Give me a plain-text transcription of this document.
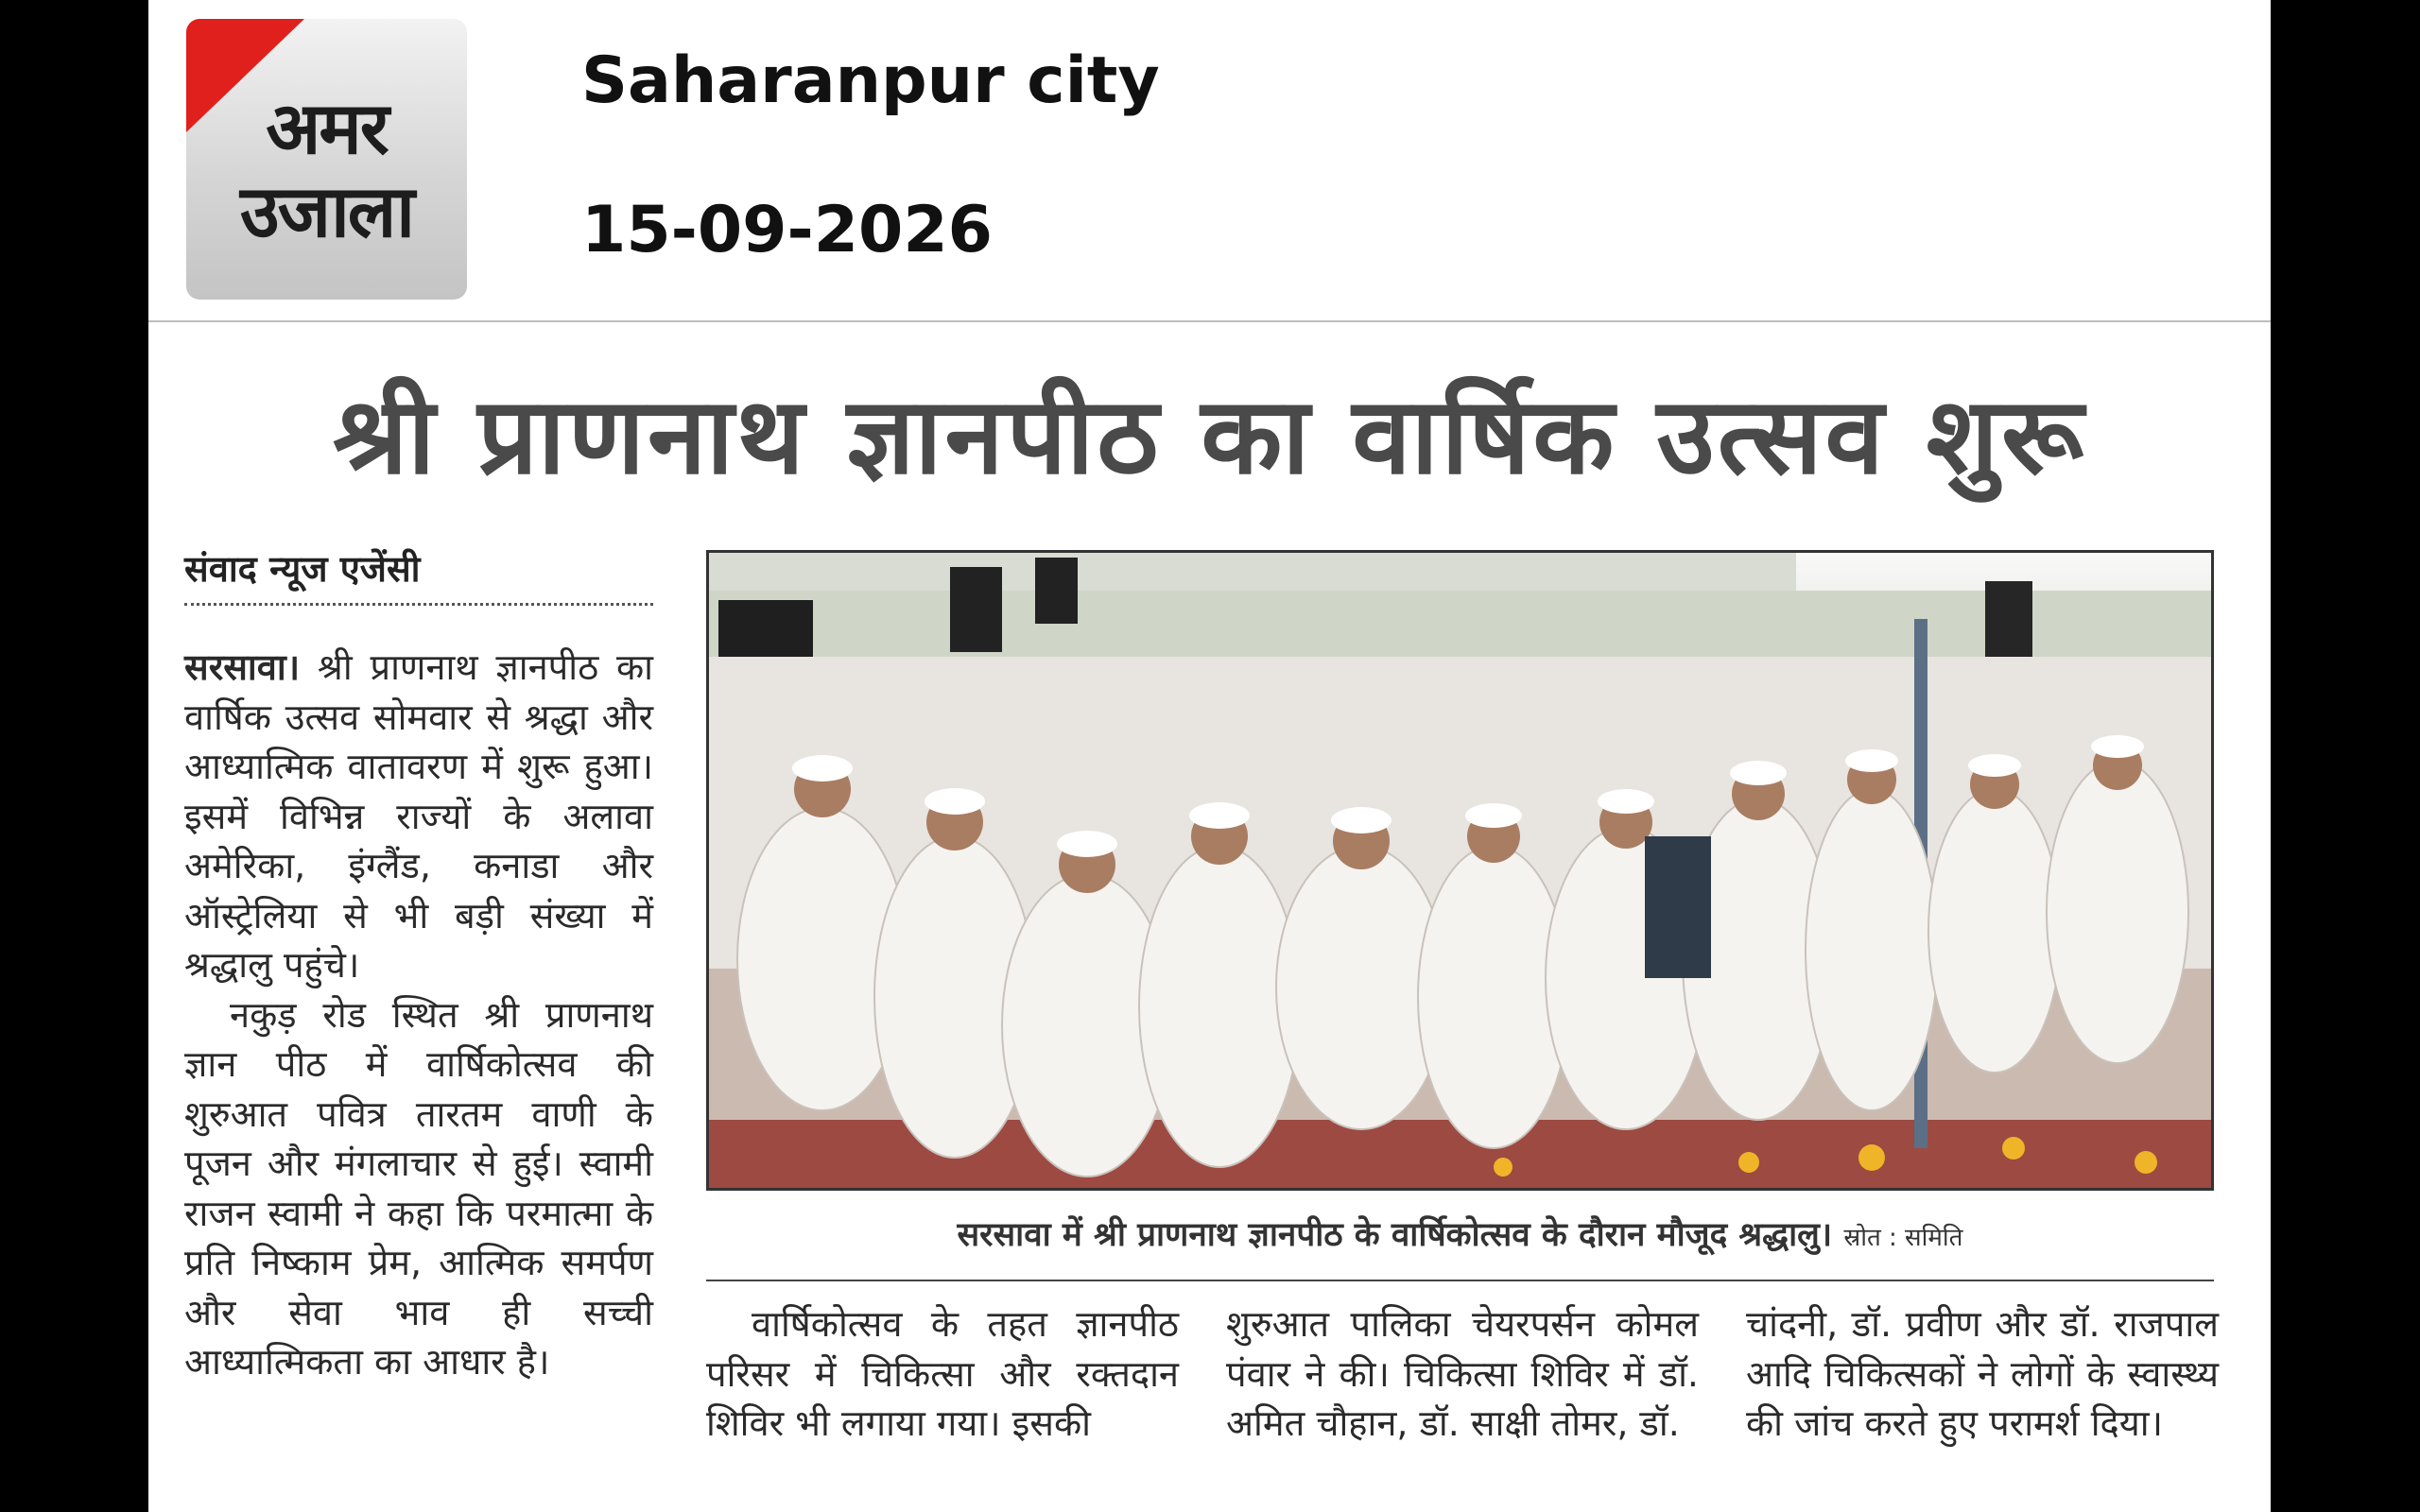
अमर
उजाला
Saharanpur city
15-09-2026
श्री प्राणनाथ ज्ञानपीठ का वार्षिक उत्सव शुरू
संवाद न्यूज एजेंसी

सरसावा। श्री प्राणनाथ ज्ञानपीठ का वार्षिक उत्सव सोमवार से श्रद्धा और आध्यात्मिक वातावरण में शुरू हुआ। इसमें विभिन्न राज्यों के अलावा अमेरिका, इंग्लैंड, कनाडा और ऑस्ट्रेलिया से भी बड़ी संख्या में श्रद्धालु पहुंचे।

नकुड़ रोड स्थित श्री प्राणनाथ ज्ञान पीठ में वार्षिकोत्सव की शुरुआत पवित्र तारतम वाणी के पूजन और मंगलाचार से हुई। स्वामी राजन स्वामी ने कहा कि परमात्मा के प्रति निष्काम प्रेम, आत्मिक समर्पण और सेवा भाव ही सच्ची आध्यात्मिकता का आधार है।

सरसावा में श्री प्राणनाथ ज्ञानपीठ के वार्षिकोत्सव के दौरान मौजूद श्रद्धालु। स्रोत : समिति

वार्षिकोत्सव के तहत ज्ञानपीठ परिसर में चिकित्सा और रक्तदान शिविर भी लगाया गया। इसकी

शुरुआत पालिका चेयरपर्सन कोमल पंवार ने की। चिकित्सा शिविर में डॉ. अमित चौहान, डॉ. साक्षी तोमर, डॉ.

चांदनी, डॉ. प्रवीण और डॉ. राजपाल आदि चिकित्सकों ने लोगों के स्वास्थ्य की जांच करते हुए परामर्श दिया।
